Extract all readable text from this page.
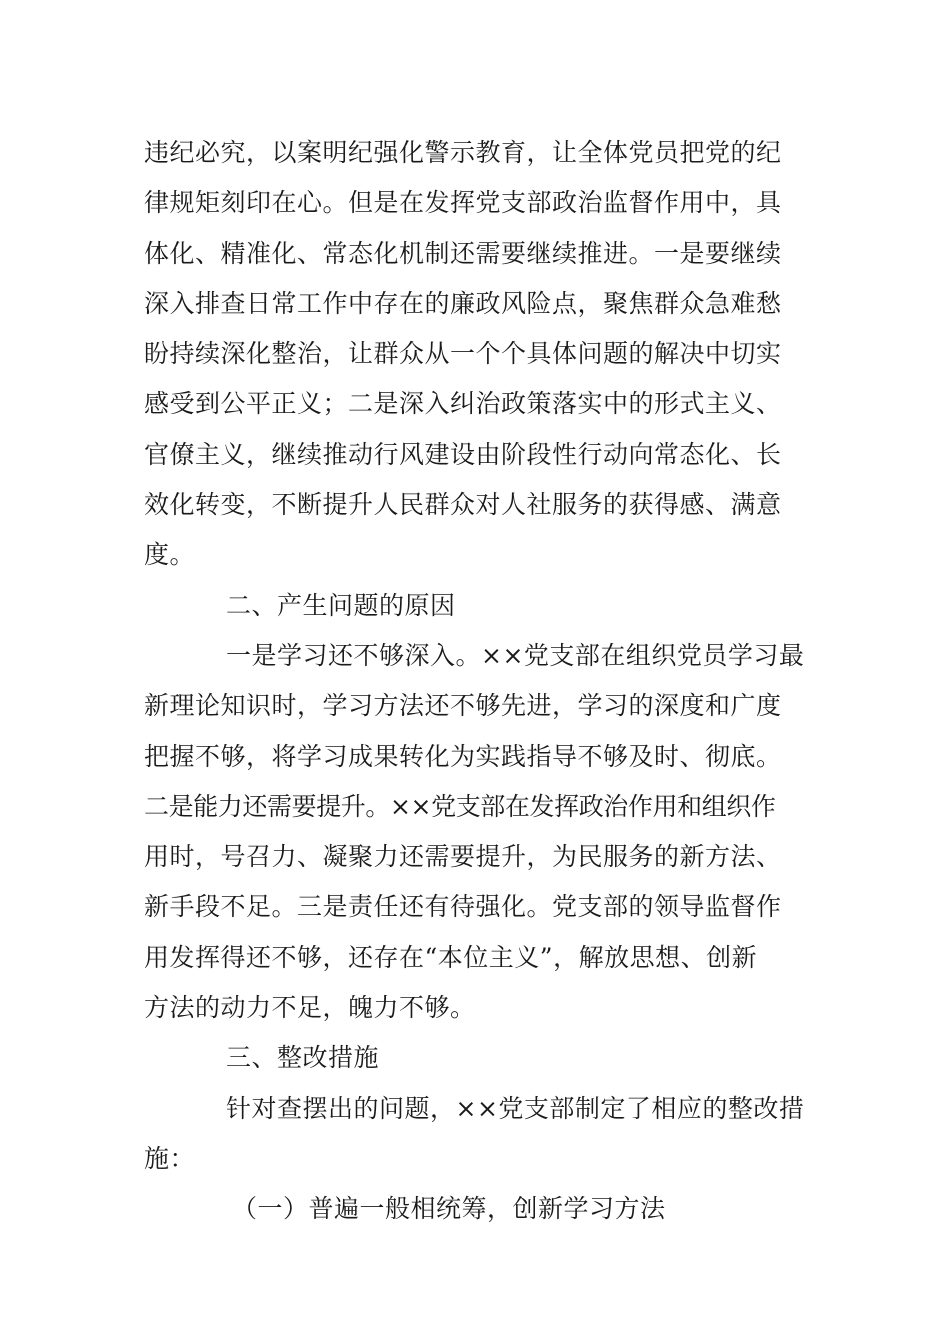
违纪必究，以案明纪强化警示教育，让全体党员把党的纪
律规矩刻印在心。但是在发挥党支部政治监督作用中，具
体化、精准化、常态化机制还需要继续推进。一是要继续
深入排查日常工作中存在的廉政风险点，聚焦群众急难愁
盼持续深化整治，让群众从一个个具体问题的解决中切实
感受到公平正义；二是深入纠治政策落实中的形式主义、
官僚主义，继续推动行风建设由阶段性行动向常态化、长
效化转变，不断提升人民群众对人社服务的获得感、满意
度。
二、产生问题的原因
一是学习还不够深入。××党支部在组织党员学习最
新理论知识时，学习方法还不够先进，学习的深度和广度
把握不够，将学习成果转化为实践指导不够及时、彻底。
二是能力还需要提升。××党支部在发挥政治作用和组织作
用时，号召力、凝聚力还需要提升，为民服务的新方法、
新手段不足。三是责任还有待强化。党支部的领导监督作
用发挥得还不够，还存在“本位主义”，解放思想、创新
方法的动力不足，魄力不够。
三、整改措施
针对查摆出的问题，××党支部制定了相应的整改措
施：
（一）普遍一般相统筹，创新学习方法
